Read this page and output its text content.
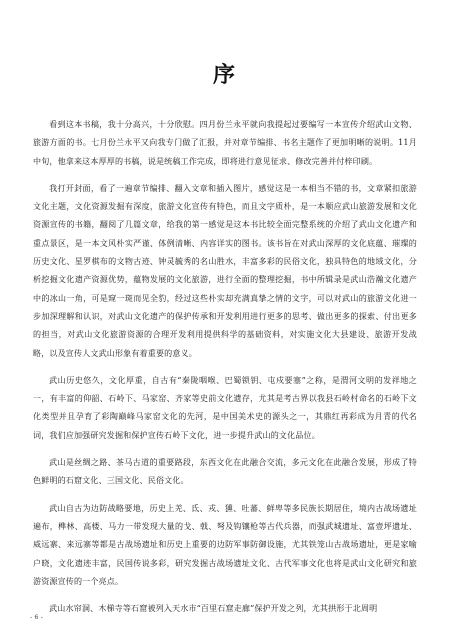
序

看到这本书稿，我十分高兴，十分欣慰。四月份兰永平就向我提起过要编写一本宣传介绍武山文物、旅游方面的书。七月份兰永平又向我专门做了汇报，并对章节编排、书名主题作了更加明晰的说明。11月中旬，他拿来这本厚厚的书稿，说是统稿工作完成，即将进行意见征求、修改完善并付梓印刷。

我打开封面，看了一遍章节编排、翻入文章和插入图片，感觉这是一本相当不错的书，文章紧扣旅游文化主题，文化资源发掘有深度，旅游文化宣传有特色，而且文字质朴，是一本顺应武山旅游发展和文化资源宣传的书籍，翻阅了几篇文章，给我的第一感觉是这本书比较全面完整系统的介绍了武山文化遗产和重点景区，是一本文风朴实严谨、体例清晰、内容详实的图书。该书旨在对武山深厚的文化底蕴、璀璨的历史文化、星罗棋布的文物古迹、钟灵毓秀的名山胜水，丰富多彩的民俗文化，独具特色的地域文化，分析挖掘文化遗产资源优势，蕴物发展的文化旅游，进行全面的整理挖掘，书中所辑录是武山浩瀚文化遗产中的冰山一角，可是窥一斑而见全豹，经过这些朴实却充满真挚之情的文字，可以对武山的旅游文化进一步加深理解和认识，对武山文化遗产的保护传承和开发利用进行更多的思考、做出更多的探索、付出更多的担当，对武山文化旅游资源的合理开发利用提供科学的基础资料，对实施文化大县建设、旅游开发战略，以及宣传人文武山形象有着重要的意义。

武山历史悠久，文化厚重，自古有“秦陇咽喉、巴蜀锁钥、屯戍要塞”之称，是渭河文明的发祥地之一，有丰富的仰韶、石岭下、马家窑、齐家等史前文化遗存，尤其是考古界以我县石岭村命名的石岭下文化类型并且孕育了彩陶巅峰马家窑文化的先河，是中国美术史的源头之一，其鼎红再彩成为月青的代名词，我们应加强研究发掘和保护宣传石岭下文化，进一步提升武山的文化品位。

武山是丝绸之路、茶马古道的重要路段，东西文化在此融合交流，多元文化在此融合发展，形成了特色鲜明的石窟文化、三国文化、民俗文化。

武山自古为边防战略要地，历史上羌、氐、戎、獯、吐蕃、鲜卑等多民族长期居住，境内古战场遗址遍布，榫林、高楼、马力一带发现大量的戈、戟、弩及钩镶枪等古代兵器，而强武城遗址、富壹坪遗址、威远寨、来远寨等都是古战场遗址和历史上重要的边防军事防御设施，尤其铁笼山古战场遗址，更是家喻户晓，文化遗迹丰富，民国传说多彩，研究发掘古战场遗址文化、古代军事文化也将是武山文化研究和旅游资源宣传的一个亮点。

武山水帘洞、木梯寺等石窟被列入天水市“百里石窟走廊”保护开发之列，尤其拱形于北周明

- 6 -
